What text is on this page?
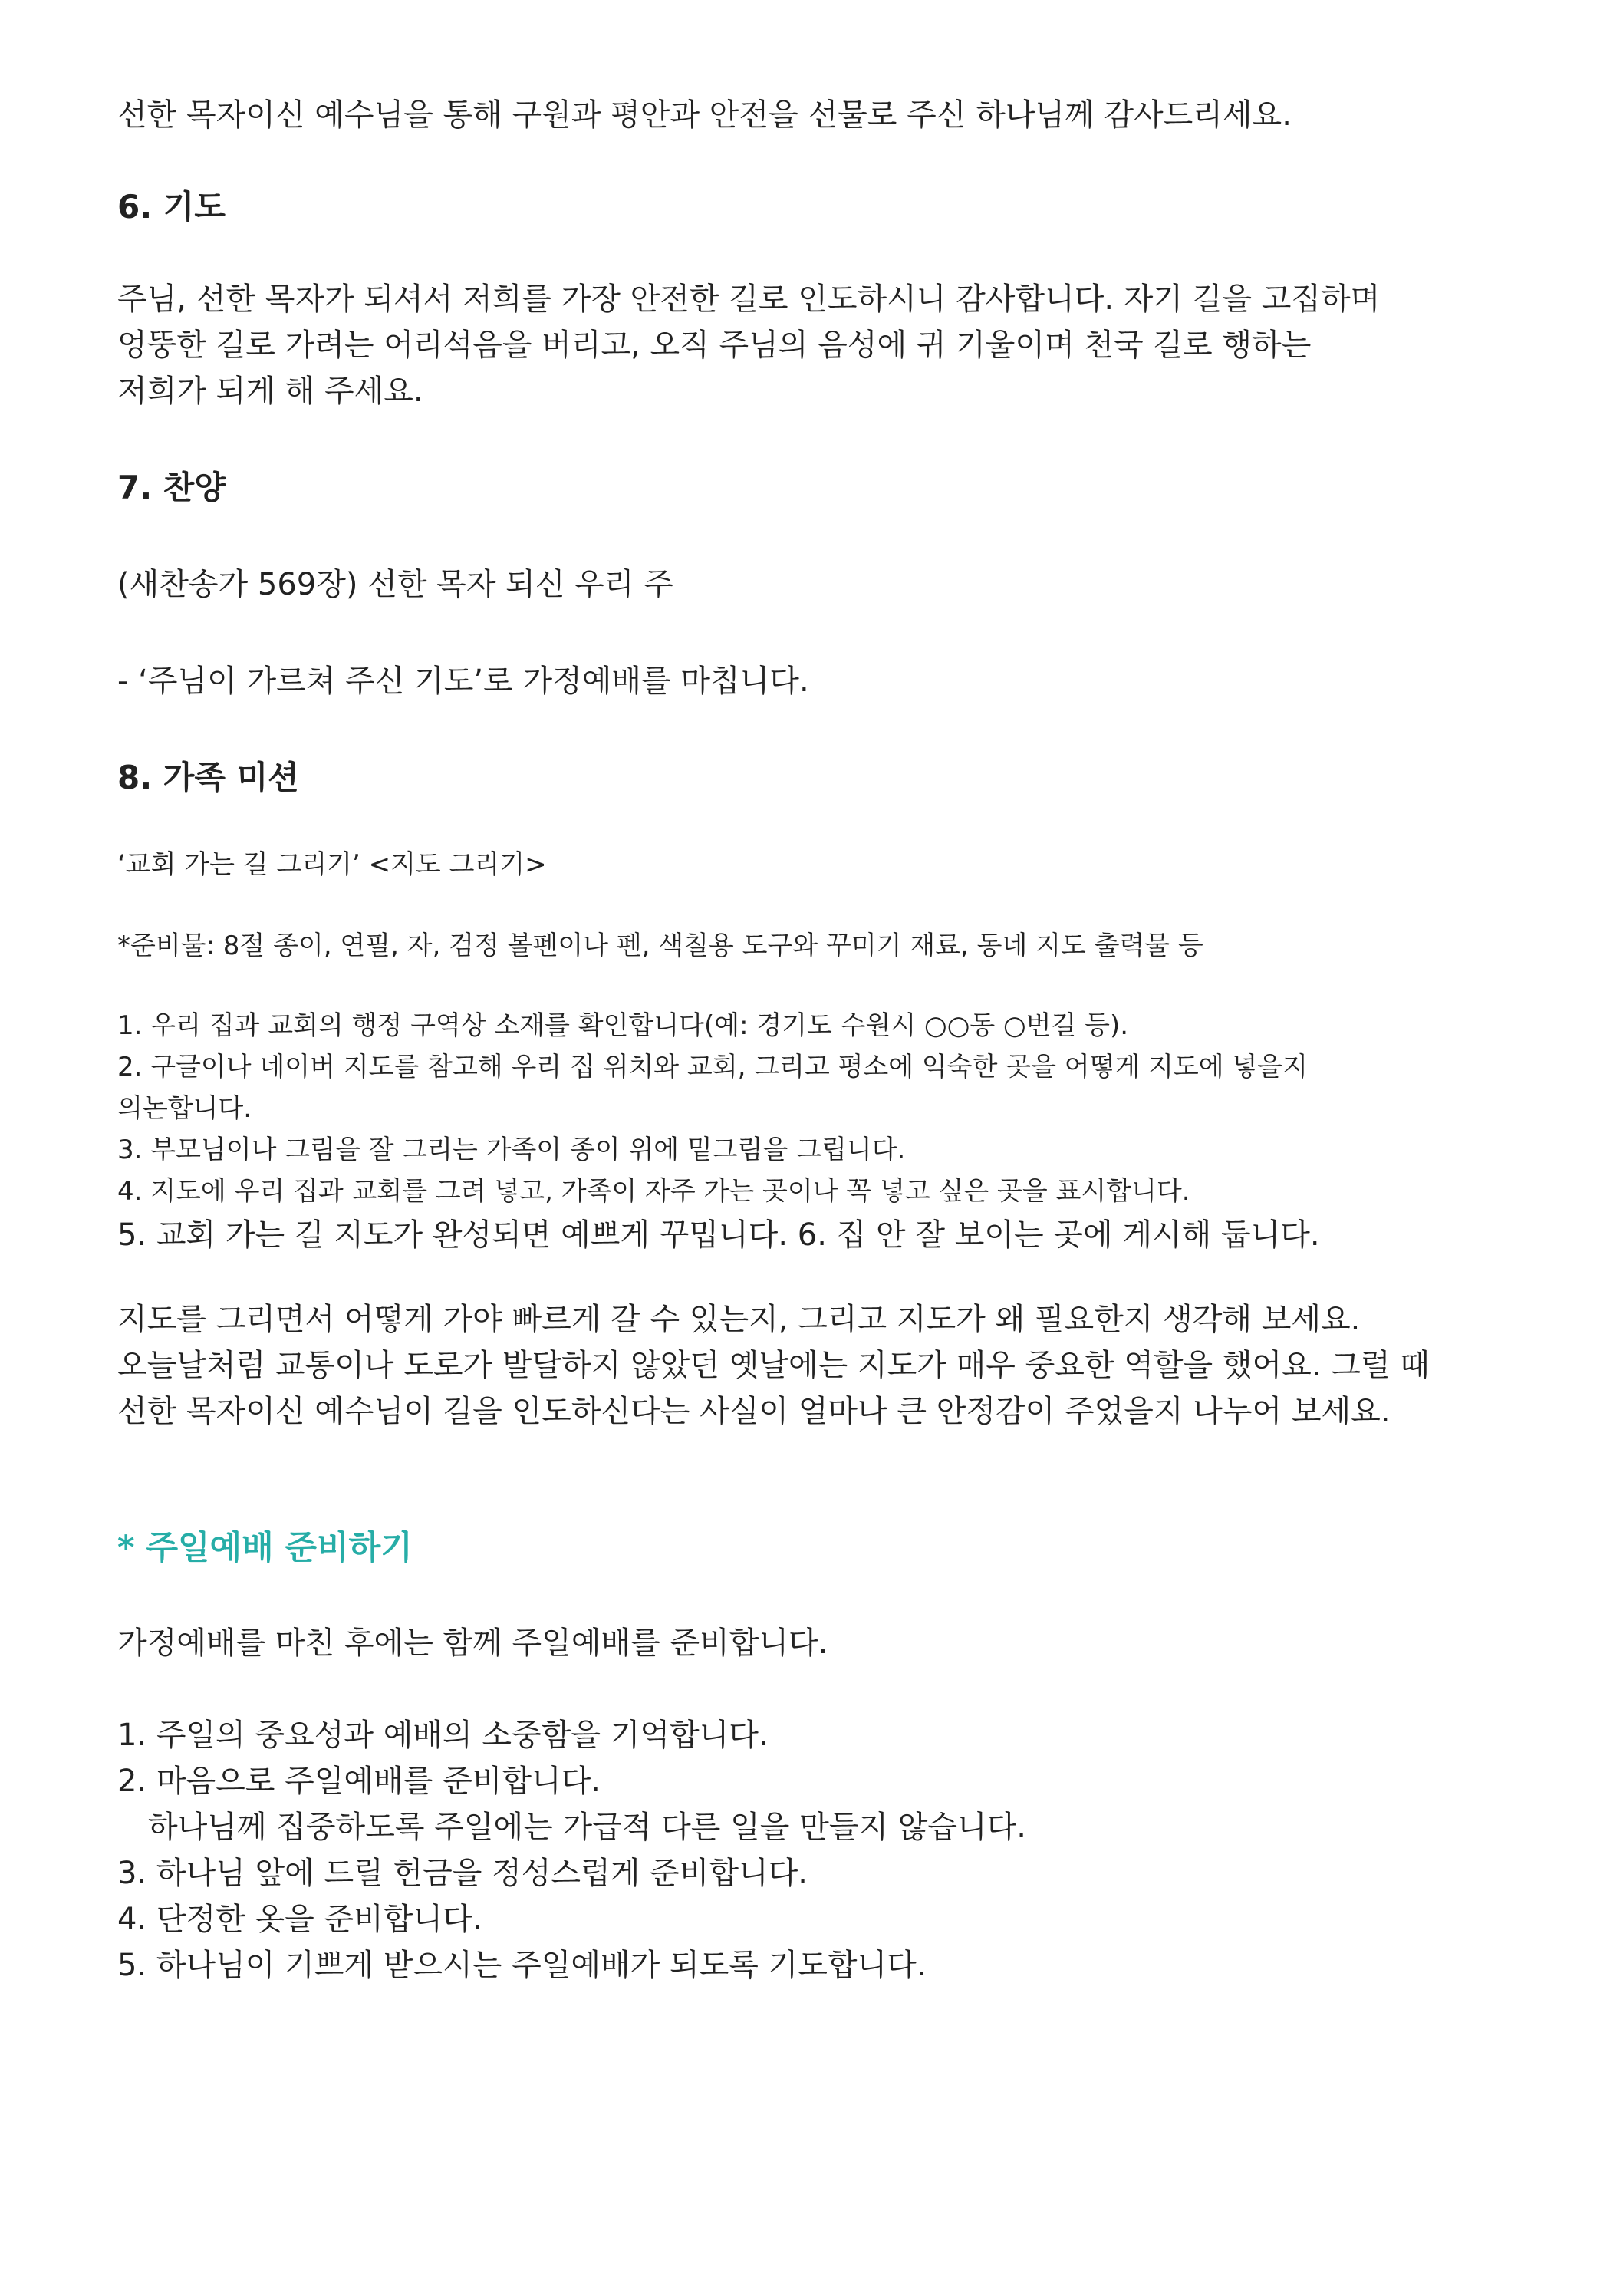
선한 목자이신 예수님을 통해 구원과 평안과 안전을 선물로 주신 하나님께 감사드리세요.

6. 기도

주님, 선한 목자가 되셔서 저희를 가장 안전한 길로 인도하시니 감사합니다. 자기 길을 고집하며

엉뚱한 길로 가려는 어리석음을 버리고, 오직 주님의 음성에 귀 기울이며 천국 길로 행하는

저희가 되게 해 주세요.

7. 찬양

(새찬송가 569장) 선한 목자 되신 우리 주

- ‘주님이 가르쳐 주신 기도’로 가정예배를 마칩니다.

8. 가족 미션

‘교회 가는 길 그리기’ <지도 그리기>

*준비물: 8절 종이, 연필, 자, 검정 볼펜이나 펜, 색칠용 도구와 꾸미기 재료, 동네 지도 출력물 등

1. 우리 집과 교회의 행정 구역상 소재를 확인합니다(예: 경기도 수원시 ○○동 ○번길 등).
2. 구글이나 네이버 지도를 참고해 우리 집 위치와 교회, 그리고 평소에 익숙한 곳을 어떻게 지도에 넣을지
의논합니다.
3. 부모님이나 그림을 잘 그리는 가족이 종이 위에 밑그림을 그립니다.
4. 지도에 우리 집과 교회를 그려 넣고, 가족이 자주 가는 곳이나 꼭 넣고 싶은 곳을 표시합니다.
5. 교회 가는 길 지도가 완성되면 예쁘게 꾸밉니다. 6. 집 안 잘 보이는 곳에 게시해 둡니다.

지도를 그리면서 어떻게 가야 빠르게 갈 수 있는지, 그리고 지도가 왜 필요한지 생각해 보세요.

오늘날처럼 교통이나 도로가 발달하지 않았던 옛날에는 지도가 매우 중요한 역할을 했어요. 그럴 때

선한 목자이신 예수님이 길을 인도하신다는 사실이 얼마나 큰 안정감이 주었을지 나누어 보세요.

* 주일예배 준비하기

가정예배를 마친 후에는 함께 주일예배를 준비합니다.

1. 주일의 중요성과 예배의 소중함을 기억합니다.
2. 마음으로 주일예배를 준비합니다.
하나님께 집중하도록 주일에는 가급적 다른 일을 만들지 않습니다.
3. 하나님 앞에 드릴 헌금을 정성스럽게 준비합니다.
4. 단정한 옷을 준비합니다.
5. 하나님이 기쁘게 받으시는 주일예배가 되도록 기도합니다.
